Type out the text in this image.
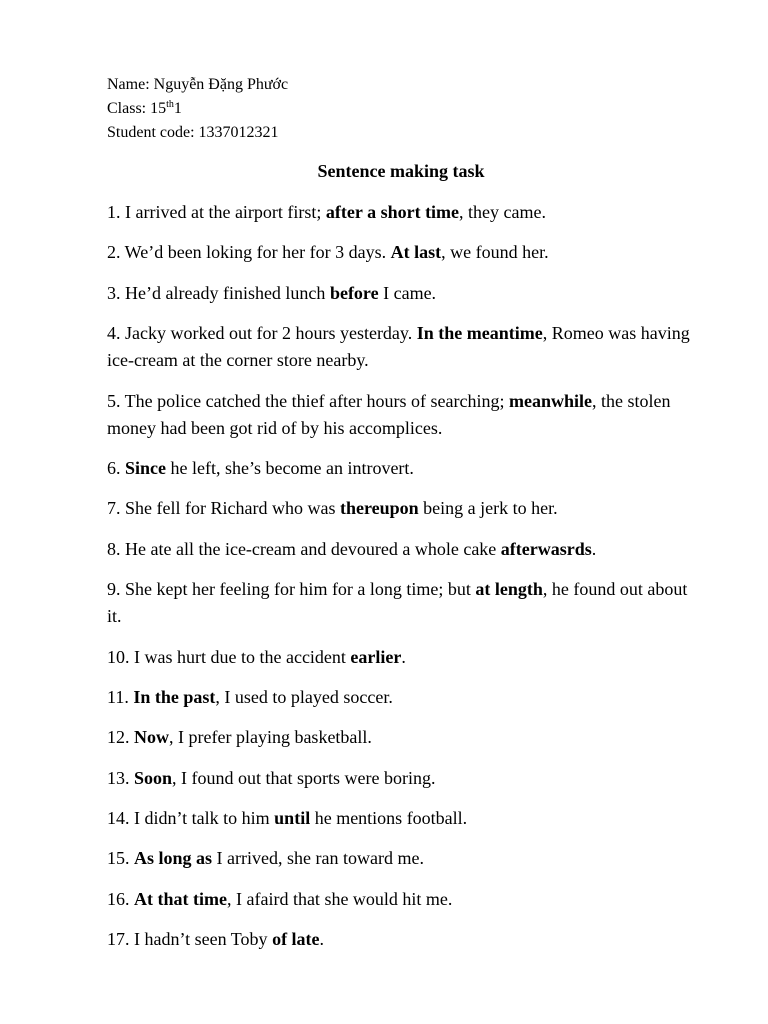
Name: Nguyễn Đặng Phước
Class: 15th1
Student code: 1337012321
Sentence making task

1. I arrived at the airport first; after a short time, they came.

2. We’d been loking for her for 3 days. At last, we found her.

3. He’d already finished lunch before I came.

4. Jacky worked out for 2 hours yesterday. In the meantime, Romeo was having ice-cream at the corner store nearby.

5. The police catched the thief after hours of searching; meanwhile, the stolen money had been got rid of by his accomplices.

6. Since he left, she’s become an introvert.

7. She fell for Richard who was thereupon being a jerk to her.

8. He ate all the ice-cream and devoured a whole cake afterwasrds.

9. She kept her feeling for him for a long time; but at length, he found out about it.

10. I was hurt due to the accident earlier.

11. In the past, I used to played soccer.

12. Now, I prefer playing basketball.

13. Soon, I found out that sports were boring.

14. I didn’t talk to him until he mentions football.

15. As long as I arrived, she ran toward me.

16. At that time, I afaird that she would hit me.

17. I hadn’t seen Toby of late.
